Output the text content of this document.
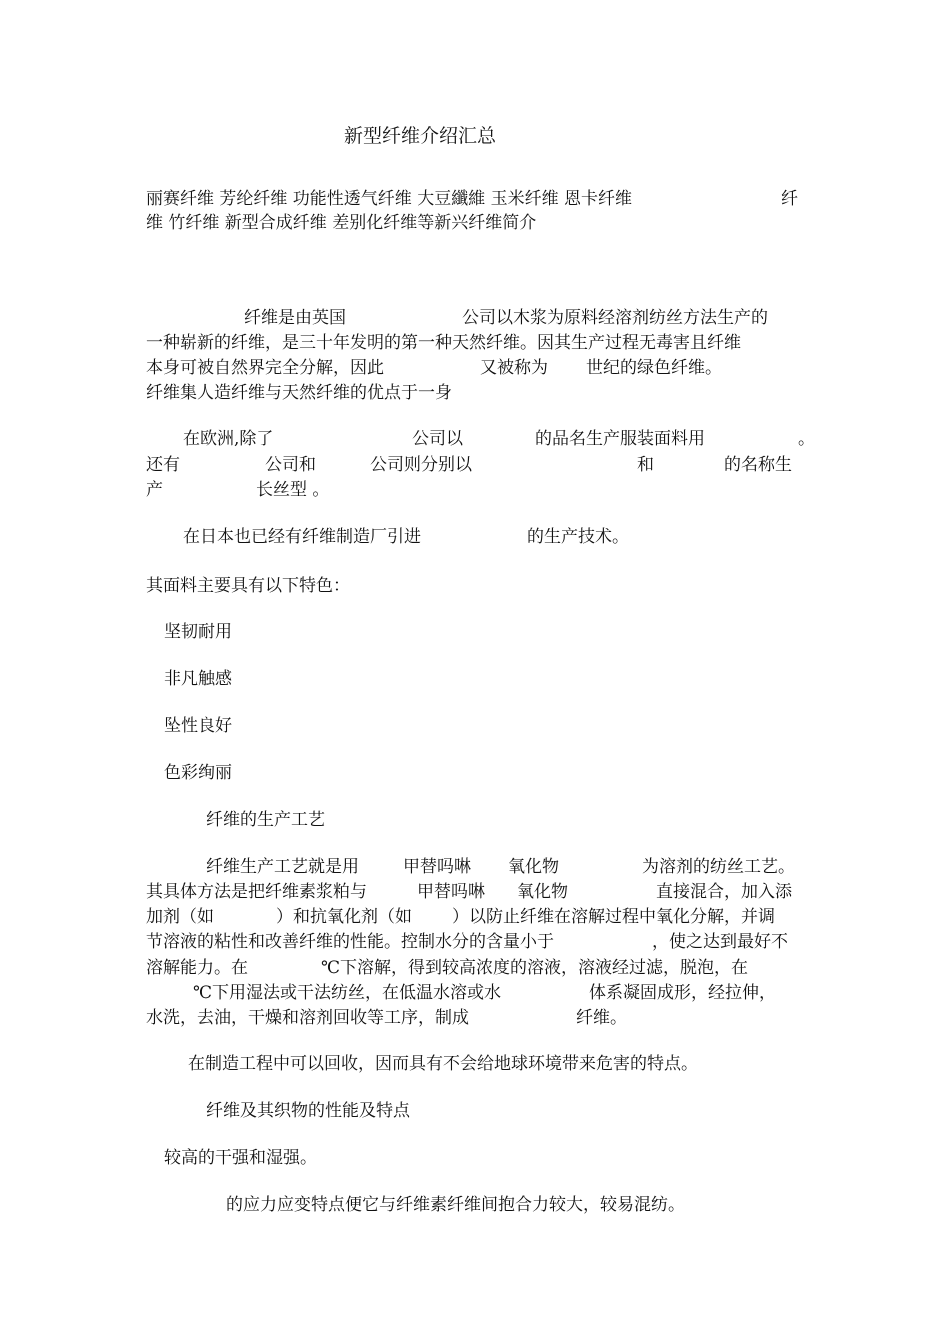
新型纤维介绍汇总
丽赛纤维 芳纶纤维 功能性透气纤维 大豆纖維 玉米纤维 恩卡纤维	纤
维 竹纤维 新型合成纤维 差别化纤维等新兴纤维简介
纤维是由英国	公司以木浆为原料经溶剂纺丝方法生产的
一种崭新的纤维，是三十年发明的第一种天然纤维。因其生产过程无毒害且纤维
本身可被自然界完全分解，因此	又被称为 世纪的绿色纤维。
纤维集人造纤维与天然纤维的优点于一身
在欧洲,除了	公司以	的品名生产服装面料用	。
还有	公司和	公司则分别以	和	的名称生
产	长丝型 。
在日本也已经有纤维制造厂引进	的生产技术。
其面料主要具有以下特色：
坚韧耐用
非凡触感
坠性良好
色彩绚丽
纤维的生产工艺
纤维生产工艺就是用	甲替吗啉 氧化物	为溶剂的纺丝工艺。
其具体方法是把纤维素浆粕与	甲替吗啉 氧化物	直接混合，加入添
加剂（如	）和抗氧化剂（如 ）以防止纤维在溶解过程中氧化分解，并调
节溶液的粘性和改善纤维的性能。控制水分的含量小于	，使之达到最好不
溶解能力。在	℃下溶解，得到较高浓度的溶液，溶液经过滤，脱泡，在
℃下用湿法或干法纺丝，在低温水溶或水	体系凝固成形，经拉伸，
水洗，去油，干燥和溶剂回收等工序，制成	纤维。
在制造工程中可以回收，因而具有不会给地球环境带来危害的特点。
纤维及其织物的性能及特点
较高的干强和湿强。
的应力应变特点便它与纤维素纤维间抱合力较大，较易混纺。
